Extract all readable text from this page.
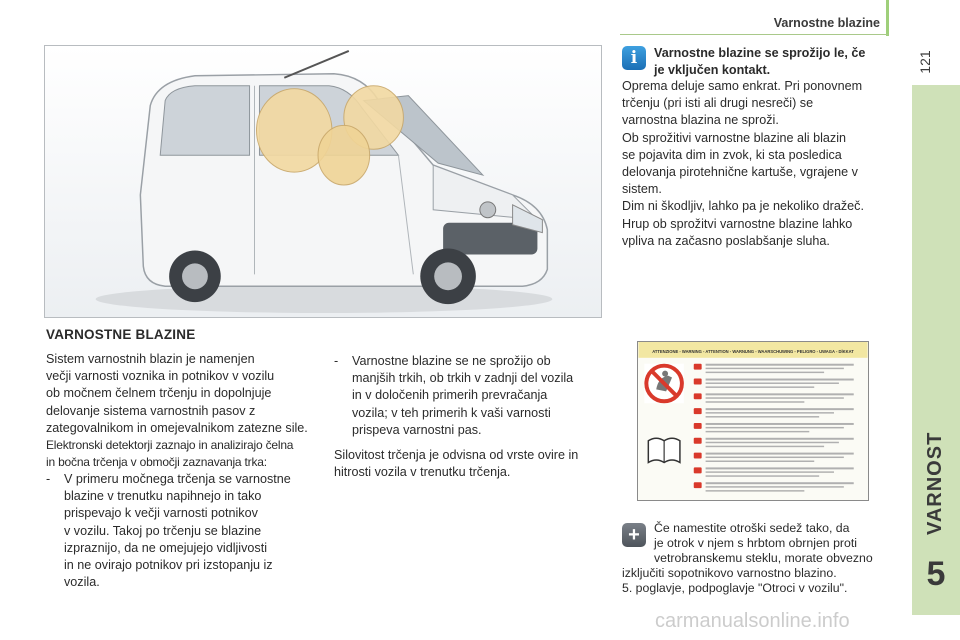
Varnostne blazine
121
VARNOST
5
VARNOSTNE BLAZINE

Sistem varnostnih blazin je namenjen

večji varnosti voznika in potnikov v vozilu

ob močnem čelnem trčenju in dopolnjuje

delovanje sistema varnostnih pasov z

zategovalnikom in omejevalnikom zatezne sile.

Elektronski detektorji zaznajo in analizirajo čelna

in bočna trčenja v območji zaznavanja trka:

- V primeru močnega trčenja se varnostne

blazine v trenutku napihnejo in tako

prispevajo k večji varnosti potnikov

v vozilu. Takoj po trčenju se blazine

izpraznijo, da ne omejujejo vidljivosti

in ne ovirajo potnikov pri izstopanju iz

vozila.

- Varnostne blazine se ne sprožijo ob

manjših trkih, ob trkih v zadnji del vozila

in v določenih primerih prevračanja

vozila; v teh primerih k vaši varnosti

prispeva varnostni pas.

Silovitost trčenja je odvisna od vrste ovire in

hitrosti vozila v trenutku trčenja.

i	Varnostne blazine se sprožijo le, če

je vključen kontakt.

Oprema deluje samo enkrat. Pri ponovnem

trčenju (pri isti ali drugi nesreči) se

varnostna blazina ne sproži.

Ob sprožitivi varnostne blazine ali blazin

se pojavita dim in zvok, ki sta posledica

delovanja pirotehnične kartuše, vgrajene v

sistem.

Dim ni škodljiv, lahko pa je nekoliko dražeč.

Hrup ob sprožitvi varnostne blazine lahko

vpliva na začasno poslabšanje sluha.

ATTENZIONE - WARNING - ATTENTION - WARNUNG - WAARSCHUWING - PELIGRO - UWAGA - DİKKAT
+	Če namestite otroški sedež tako, da

je otrok v njem s hrbtom obrnjen proti

vetrobranskemu steklu, morate obvezno

izključiti sopotnikovo varnostno blazino.

5. poglavje, podpoglavje "Otroci v vozilu".

carmanualsonline.info
